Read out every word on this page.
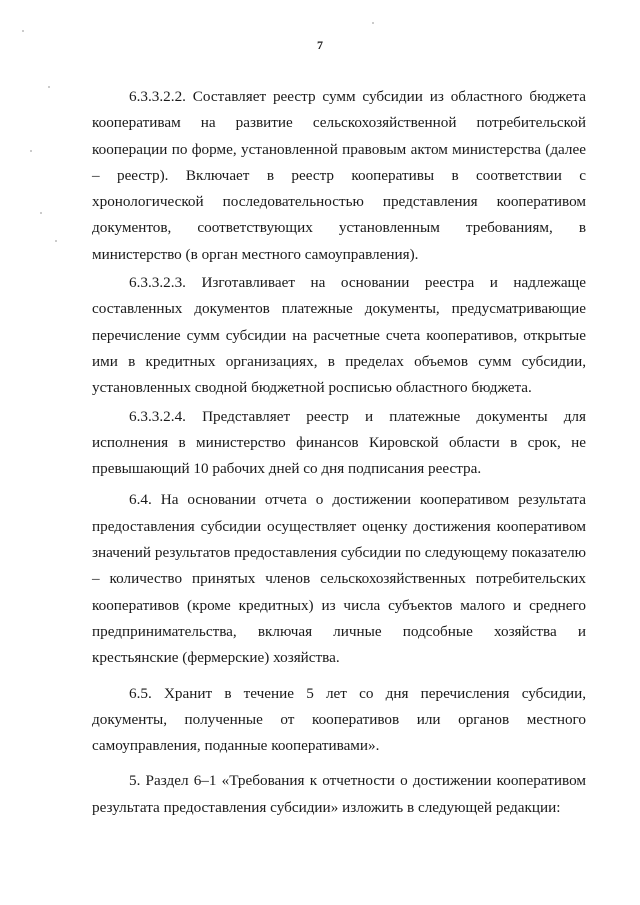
7

6.3.3.2.2. Составляет реестр сумм субсидии из областного бюджета кооперативам на развитие сельскохозяйственной потребительской кооперации по форме, установленной правовым актом министерства (далее – реестр). Включает в реестр кооперативы в соответствии с хронологической последовательностью представления кооперативом документов, соответствующих установленным требованиям, в министерство (в орган местного самоуправления).

6.3.3.2.3. Изготавливает на основании реестра и надлежаще составленных документов платежные документы, предусматривающие перечисление сумм субсидии на расчетные счета кооперативов, открытые ими в кредитных организациях, в пределах объемов сумм субсидии, установленных сводной бюджетной росписью областного бюджета.

6.3.3.2.4. Представляет реестр и платежные документы для исполнения в министерство финансов Кировской области в срок, не превышающий 10 рабочих дней со дня подписания реестра.

6.4. На основании отчета о достижении кооперативом результата предоставления субсидии осуществляет оценку достижения кооперативом значений результатов предоставления субсидии по следующему показателю – количество принятых членов сельскохозяйственных потребительских кооперативов (кроме кредитных) из числа субъектов малого и среднего предпринимательства, включая личные подсобные хозяйства и крестьянские (фермерские) хозяйства.

6.5. Хранит в течение 5 лет со дня перечисления субсидии, документы, полученные от кооперативов или органов местного самоуправления, поданные кооперативами».

5. Раздел 6–1 «Требования к отчетности о достижении кооперативом результата предоставления субсидии» изложить в следующей редакции:
